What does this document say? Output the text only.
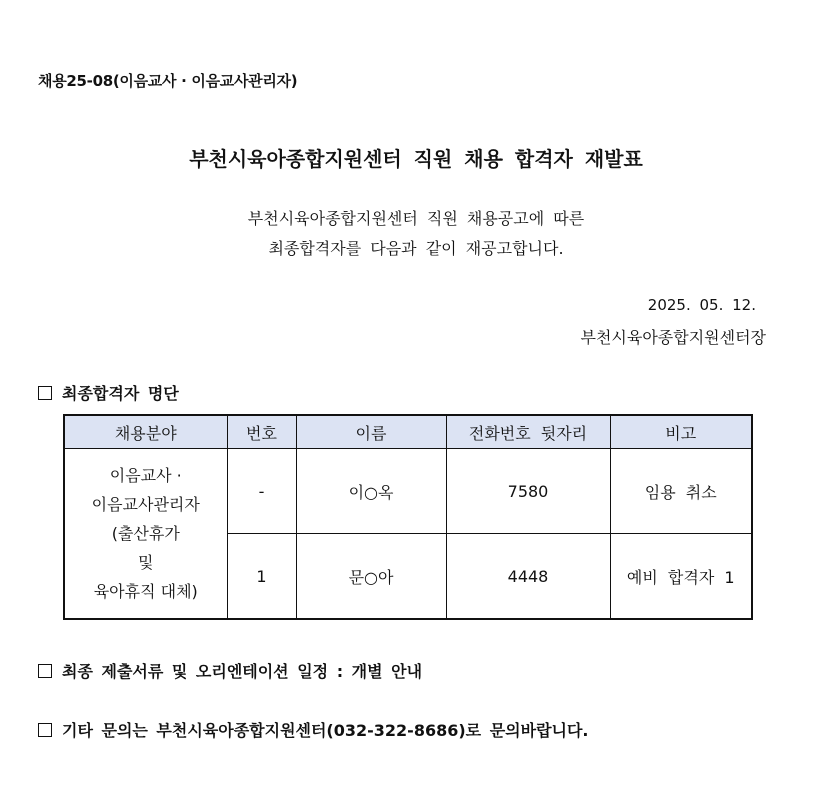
채용25-08(이음교사 · 이음교사관리자)
부천시육아종합지원센터 직원 채용 합격자 재발표
부천시육아종합지원센터 직원 채용공고에 따른
최종합격자를 다음과 같이 재공고합니다.
2025. 05. 12.
부천시육아종합지원센터장
최종합격자 명단
채용분야	번호	이름	전화번호 뒷자리	비고

이음교사 ·
이음교사관리자
(출산휴가
및
육아휴직 대체)	-	이○옥	7580	임용 취소
	1	문○아	4448	예비 합격자 1
최종 제출서류 및 오리엔테이션 일정 : 개별 안내
기타 문의는 부천시육아종합지원센터(032-322-8686)로 문의바랍니다.
